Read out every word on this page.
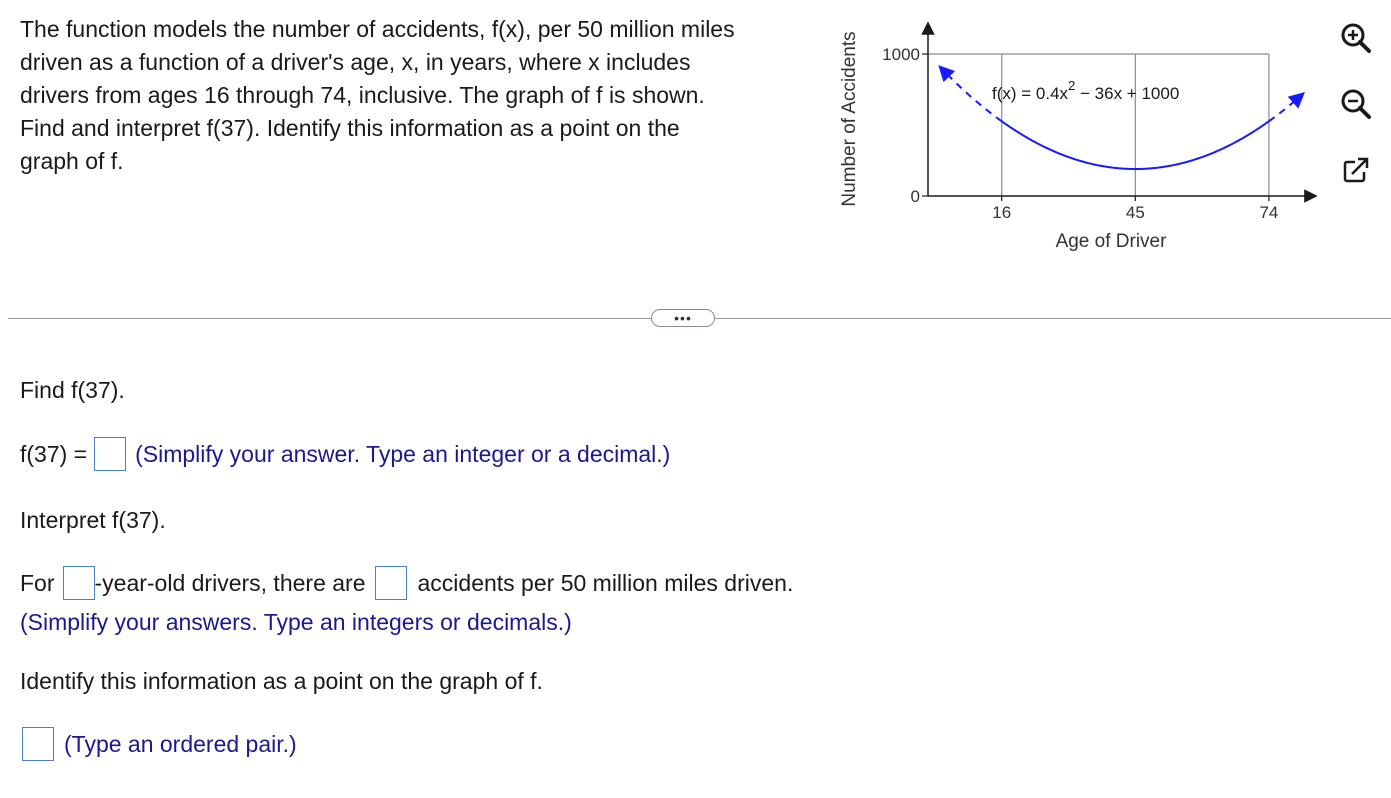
The function models the number of accidents, f(x), per 50 million miles

driven as a function of a driver's age, x, in years, where x includes

drivers from ages 16 through 74, inclusive. The graph of f is shown.

Find and interpret f(37). Identify this information as a point on the

graph of f.

0
1000
16	45	74
Number of Accidents
Age of Driver
$f(x) = 0.4x^2 - 36x + 1000$
•••
Find f(37).
f(37) = (Simplify your answer. Type an integer or a decimal.)
Interpret f(37).
For -year-old drivers, there are accidents per 50 million miles driven.
(Simplify your answers. Type an integers or decimals.)
Identify this information as a point on the graph of f.
(Type an ordered pair.)
